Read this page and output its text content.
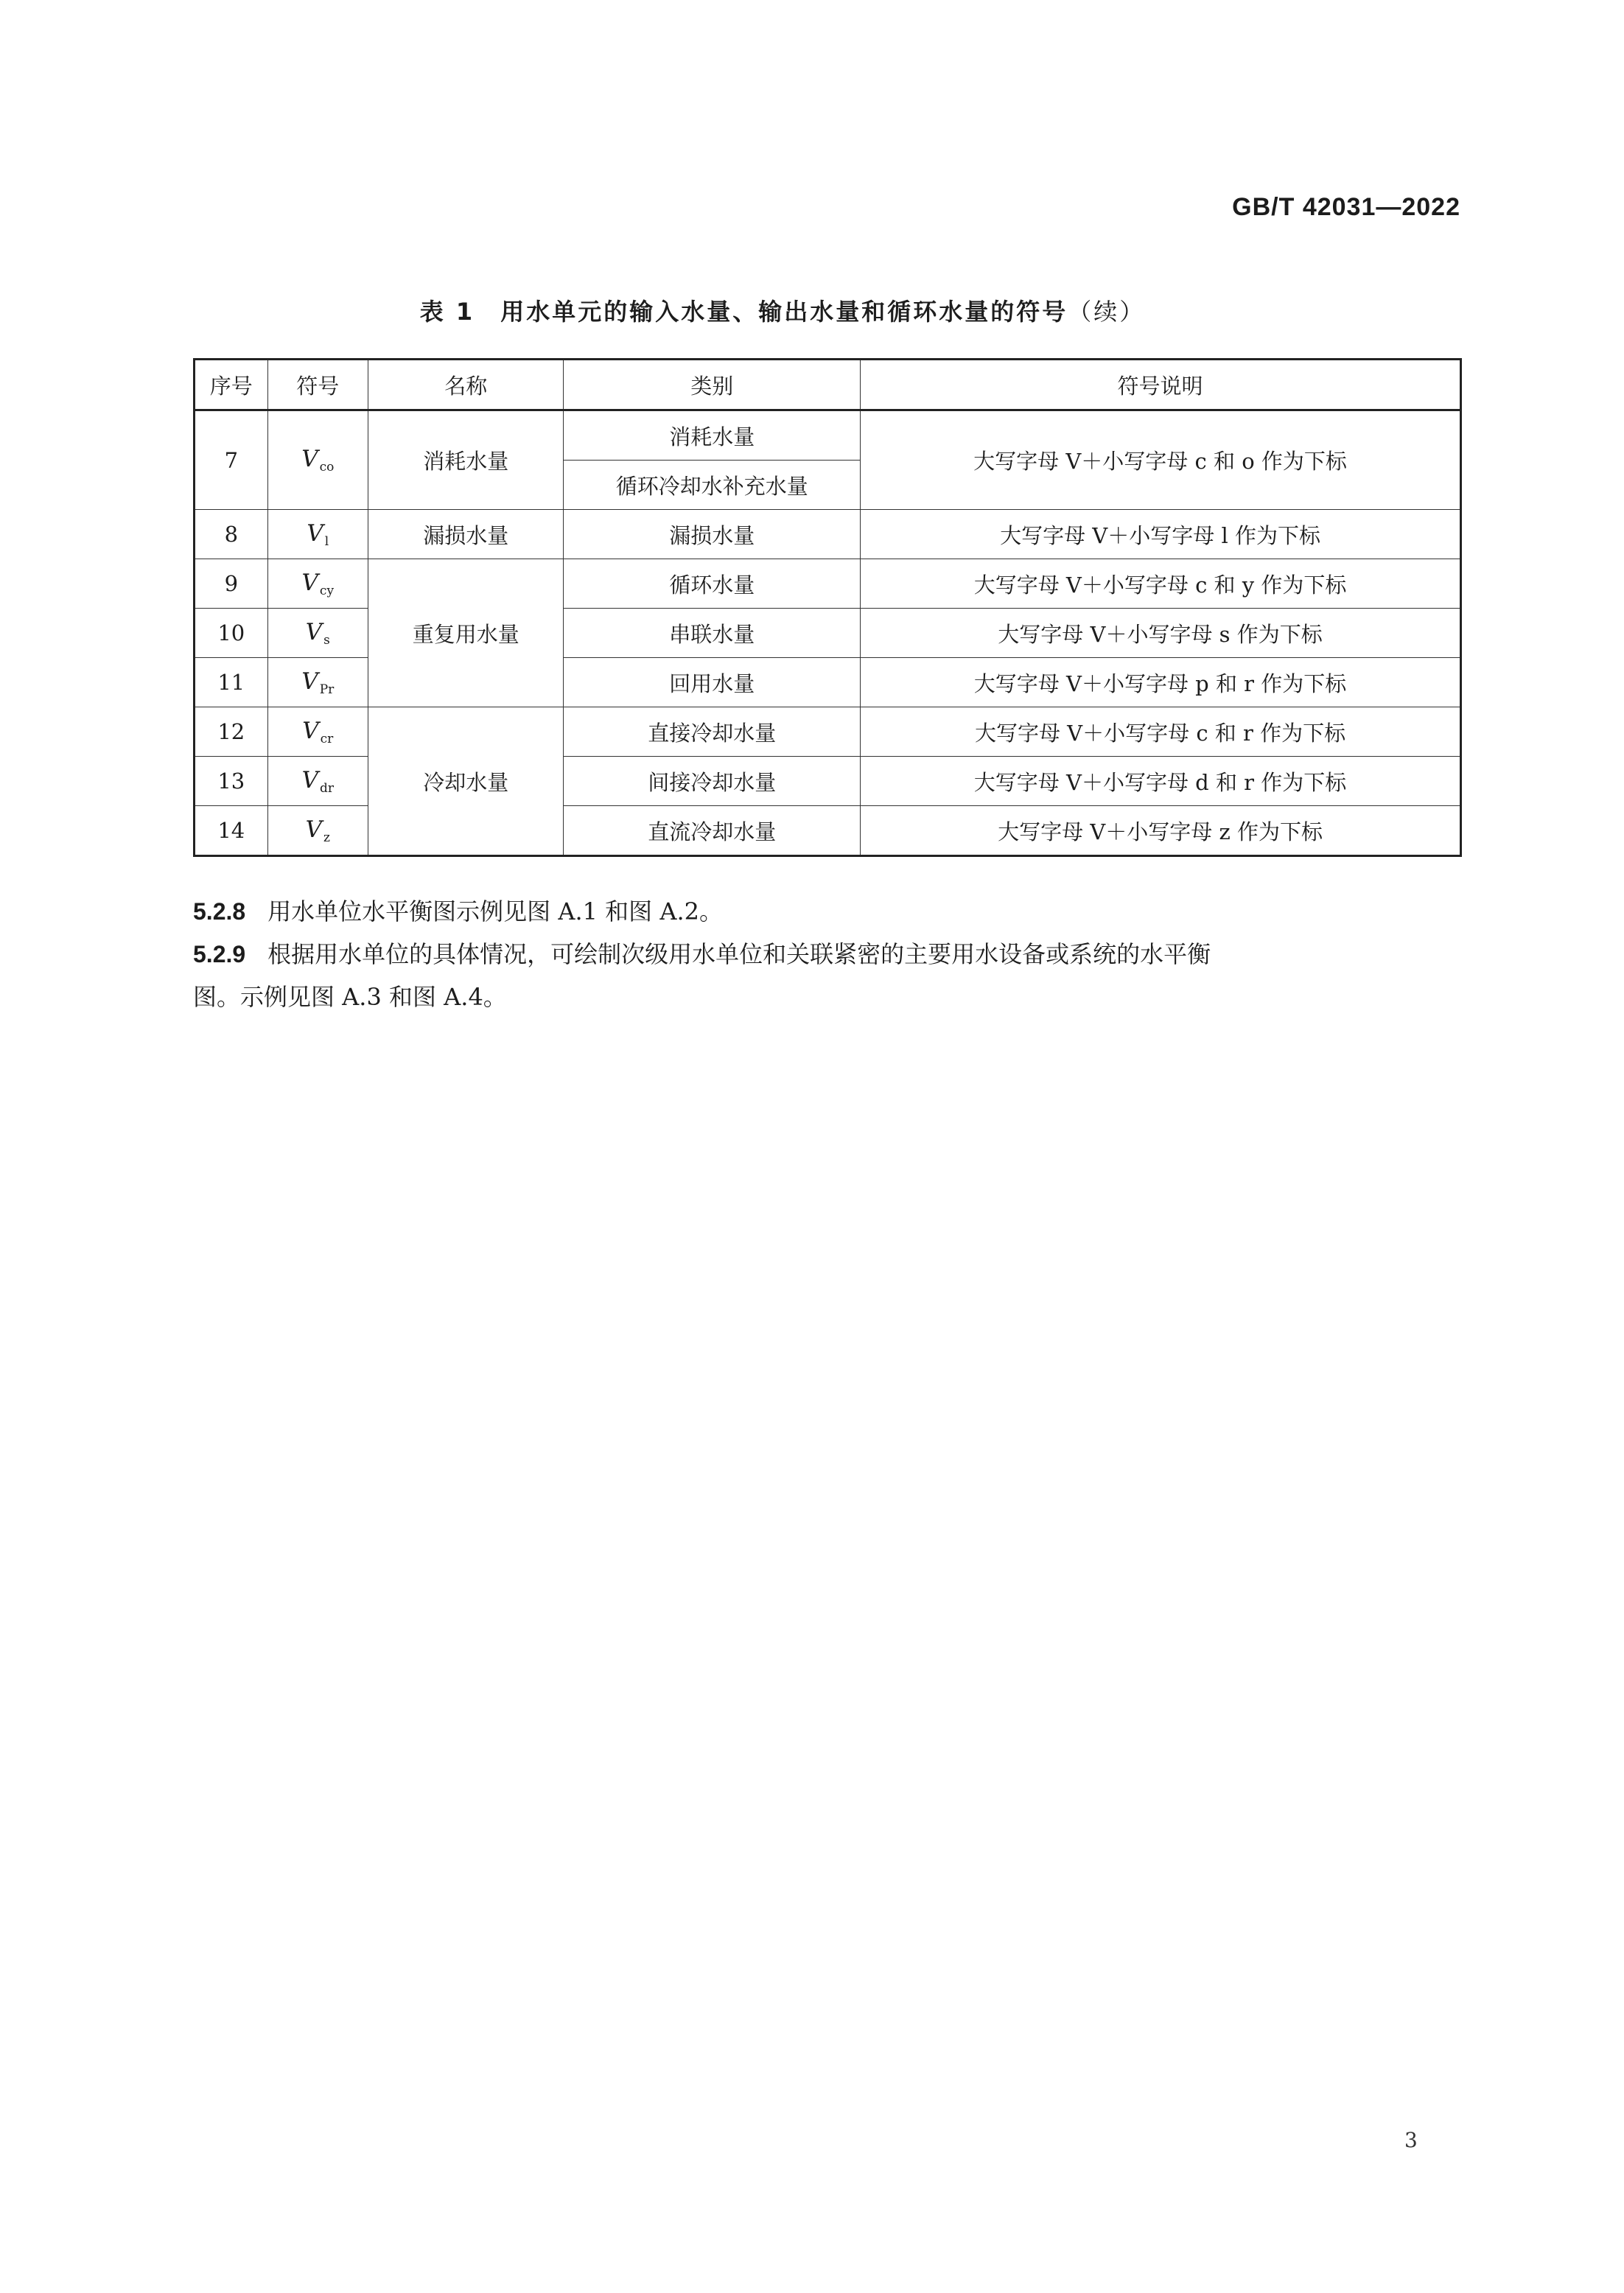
GB/T 42031—2022
表 1　用水单元的输入水量、输出水量和循环水量的符号（续）
序号	符号	名称	类别	符号说明
7	V $_{co}$	消耗水量	消耗水量	大写字母 V＋小写字母 c 和 o 作为下标
			循环冷却水补充水量	
8	V $_l$	漏损水量	漏损水量	大写字母 V＋小写字母 l 作为下标
9	V $_{cy}$	重复用水量	循环水量	大写字母 V＋小写字母 c 和 y 作为下标
10	V $_s$		串联水量	大写字母 V＋小写字母 s 作为下标
11	V $_{Pr}$		回用水量	大写字母 V＋小写字母 p 和 r 作为下标
12	V $_{cr}$	冷却水量	直接冷却水量	大写字母 V＋小写字母 c 和 r 作为下标
13	V $_{dr}$		间接冷却水量	大写字母 V＋小写字母 d 和 r 作为下标
14	V $_z$		直流冷却水量	大写字母 V＋小写字母 z 作为下标
5.2.8 用水单位水平衡图示例见图 A.1 和图 A.2。
5.2.9 根据用水单位的具体情况，可绘制次级用水单位和关联紧密的主要用水设备或系统的水平衡
图。示例见图 A.3 和图 A.4。
3
